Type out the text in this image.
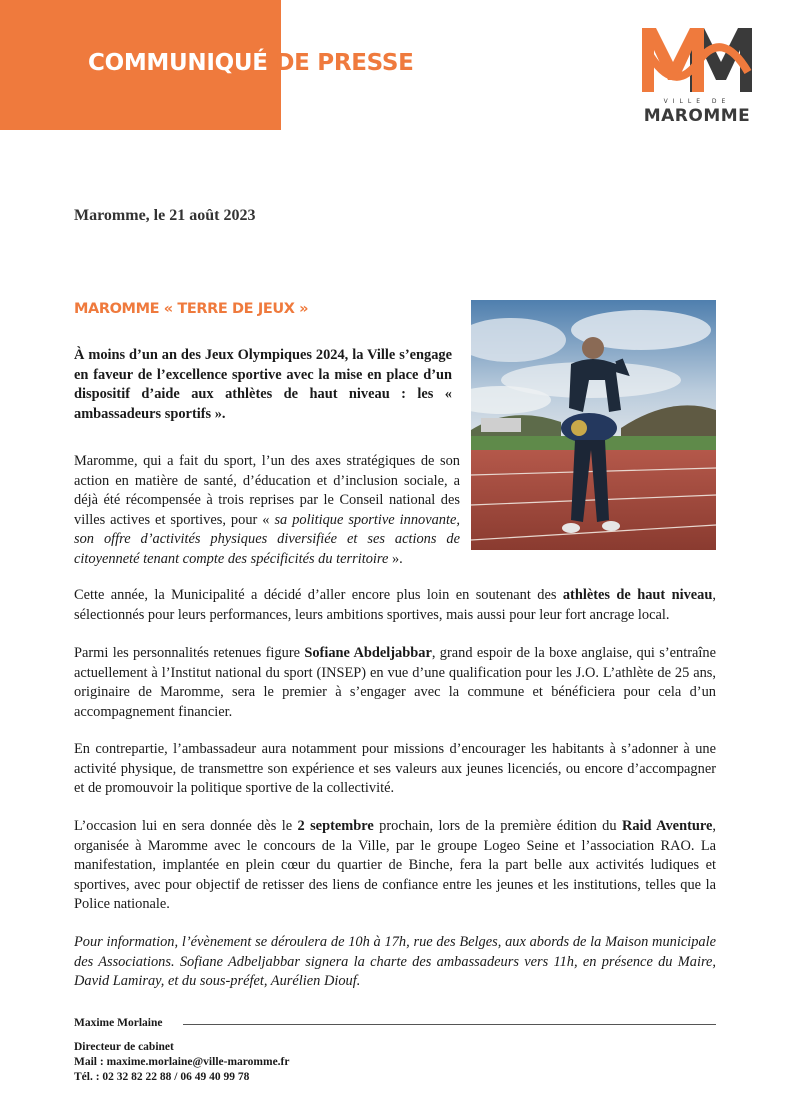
COMMUNIQUÉ DE PRESSE
VILLE DE
MAROMME
Maromme, le 21 août 2023
MAROMME « TERRE DE JEUX »
À moins d’un an des Jeux Olympiques 2024, la Ville s’engage en faveur de l’excellence sportive avec la mise en place d’un dispositif d’aide aux athlètes de haut niveau : les « ambassadeurs sportifs ».
Maromme, qui a fait du sport, l’un des axes stratégiques de son action en matière de santé, d’éducation et d’inclusion sociale, a déjà été récompensée à trois reprises par le Conseil national des villes actives et sportives, pour « sa politique sportive innovante, son offre d’activités physiques diversifiée et ses actions de citoyenneté tenant compte des spécificités du territoire ».
Cette année, la Municipalité a décidé d’aller encore plus loin en soutenant des athlètes de haut niveau, sélectionnés pour leurs performances, leurs ambitions sportives, mais aussi pour leur fort ancrage local.
Parmi les personnalités retenues figure Sofiane Abdeljabbar, grand espoir de la boxe anglaise, qui s’entraîne actuellement à l’Institut national du sport (INSEP) en vue d’une qualification pour les J.O. L’athlète de 25 ans, originaire de Maromme, sera le premier à s’engager avec la commune et bénéficiera pour cela d’un accompagnement financier.
En contrepartie, l’ambassadeur aura notamment pour missions d’encourager les habitants à s’adonner à une activité physique, de transmettre son expérience et ses valeurs aux jeunes licenciés, ou encore d’accompagner et de promouvoir la politique sportive de la collectivité.
L’occasion lui en sera donnée dès le 2 septembre prochain, lors de la première édition du Raid Aventure, organisée à Maromme avec le concours de la Ville, par le groupe Logeo Seine et l’association RAO. La manifestation, implantée en plein cœur du quartier de Binche, fera la part belle aux activités ludiques et sportives, avec pour objectif de retisser des liens de confiance entre les jeunes et les institutions, telles que la Police nationale.
Pour information, l’évènement se déroulera de 10h à 17h, rue des Belges, aux abords de la Maison municipale des Associations. Sofiane Adbeljabbar signera la charte des ambassadeurs vers 11h, en présence du Maire, David Lamiray, et du sous-préfet, Aurélien Diouf.
Maxime Morlaine
Directeur de cabinet
Mail : maxime.morlaine@ville-maromme.fr
Tél. : 02 32 82 22 88 / 06 49 40 99 78
